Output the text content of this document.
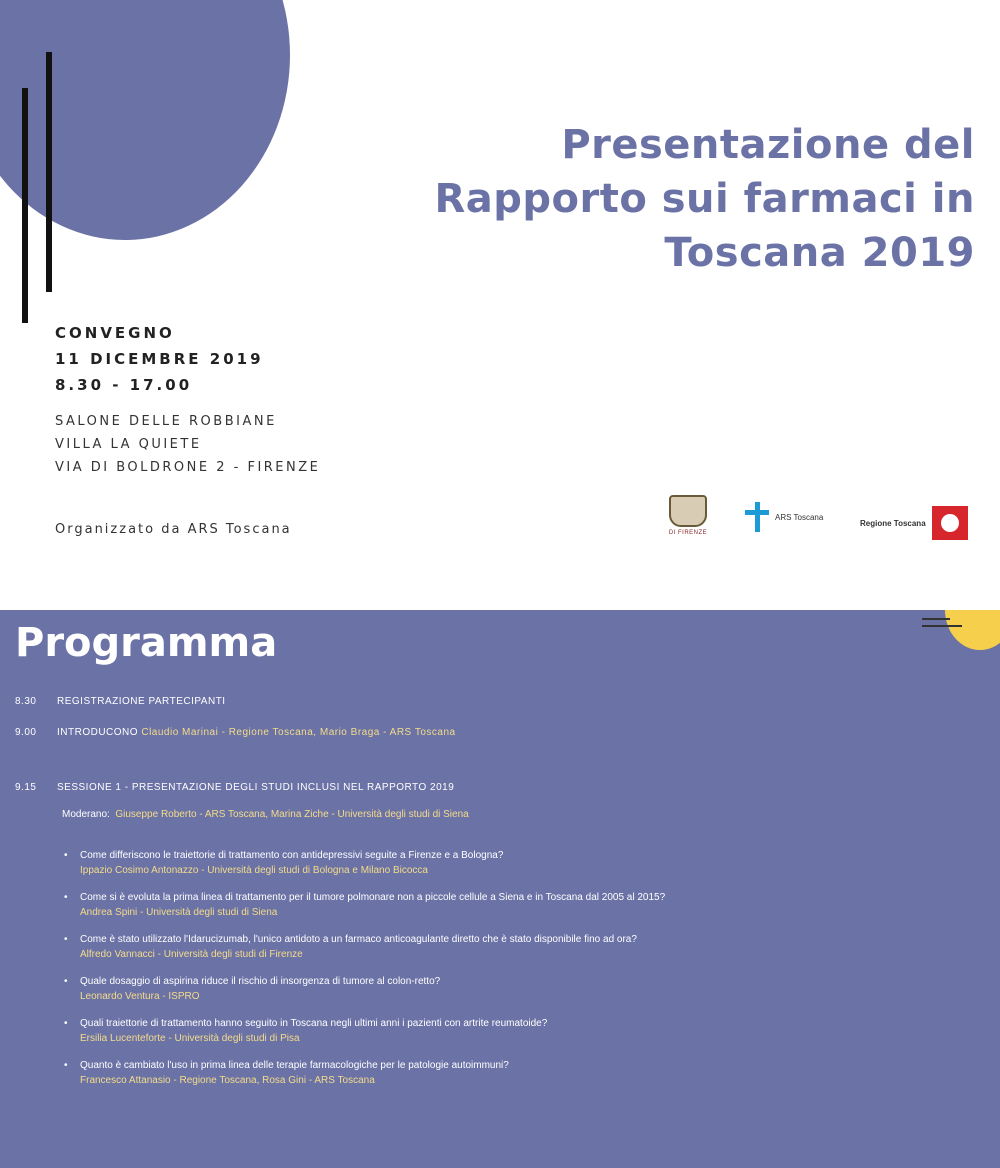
Presentazione del
Rapporto sui farmaci in
Toscana 2019
CONVEGNO
11 DICEMBRE 2019
8.30 - 17.00
SALONE DELLE ROBBIANE
VILLA LA QUIETE
VIA DI BOLDRONE 2 - FIRENZE
Organizzato da ARS Toscana	DI FIRENZE
ARS Toscana
Regione Toscana
Programma
8.30 REGISTRAZIONE PARTECIPANTI
9.00 INTRODUCONO Claudio Marinai - Regione Toscana, Mario Braga - ARS Toscana
9.15 SESSIONE 1 - PRESENTAZIONE DEGLI STUDI INCLUSI NEL RAPPORTO 2019
Moderano: Giuseppe Roberto - ARS Toscana, Marina Ziche - Università degli studi di Siena
• Come differiscono le traiettorie di trattamento con antidepressivi seguite a Firenze e a Bologna?
Ippazio Cosimo Antonazzo - Università degli studi di Bologna e Milano Bicocca
• Come si è evoluta la prima linea di trattamento per il tumore polmonare non a piccole cellule a Siena e in Toscana dal 2005 al 2015?
Andrea Spini - Università degli studi di Siena
• Come è stato utilizzato l'Idarucizumab, l'unico antidoto a un farmaco anticoagulante diretto che è stato disponibile fino ad ora?
Alfredo Vannacci - Università degli studi di Firenze
• Quale dosaggio di aspirina riduce il rischio di insorgenza di tumore al colon-retto?
Leonardo Ventura - ISPRO
• Quali traiettorie di trattamento hanno seguito in Toscana negli ultimi anni i pazienti con artrite reumatoide?
Ersilia Lucenteforte - Università degli studi di Pisa
• Quanto è cambiato l'uso in prima linea delle terapie farmacologiche per le patologie autoimmuni?
Francesco Attanasio - Regione Toscana, Rosa Gini - ARS Toscana
